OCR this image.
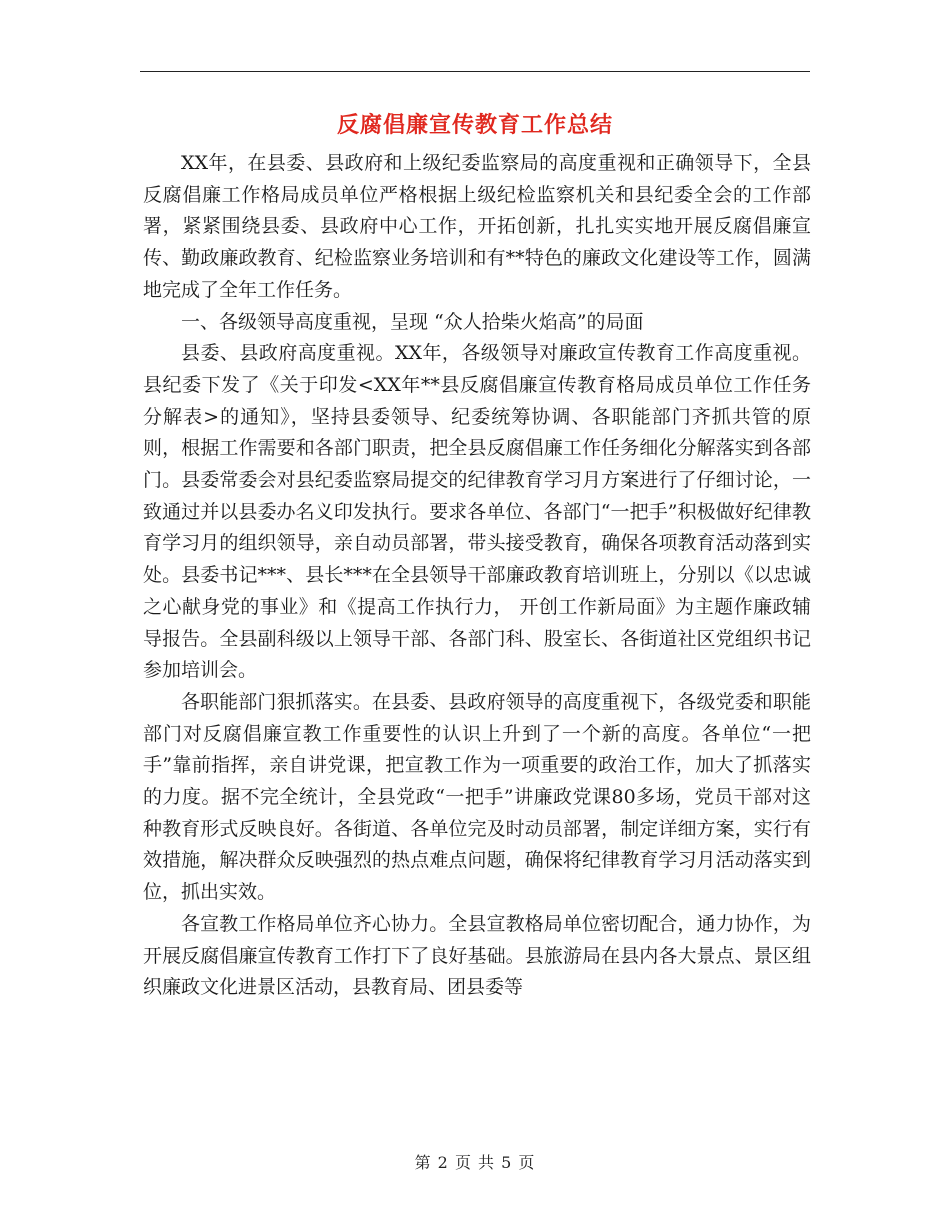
反腐倡廉宣传教育工作总结

XX年，在县委、县政府和上级纪委监察局的高度重视和正确领导下，全县反腐倡廉工作格局成员单位严格根据上级纪检监察机关和县纪委全会的工作部署，紧紧围绕县委、县政府中心工作，开拓创新，扎扎实实地开展反腐倡廉宣传、勤政廉政教育、纪检监察业务培训和有**特色的廉政文化建设等工作，圆满地完成了全年工作任务。

一、各级领导高度重视，呈现 “众人拾柴火焰高”的局面

县委、县政府高度重视。XX年，各级领导对廉政宣传教育工作高度重视。县纪委下发了《关于印发<XX年**县反腐倡廉宣传教育格局成员单位工作任务分解表>的通知》，坚持县委领导、纪委统筹协调、各职能部门齐抓共管的原则，根据工作需要和各部门职责，把全县反腐倡廉工作任务细化分解落实到各部门。县委常委会对县纪委监察局提交的纪律教育学习月方案进行了仔细讨论，一致通过并以县委办名义印发执行。要求各单位、各部门“一把手”积极做好纪律教育学习月的组织领导，亲自动员部署，带头接受教育，确保各项教育活动落到实处。县委书记***、县长***在全县领导干部廉政教育培训班上，分别以《以忠诚之心献身党的事业》和《提高工作执行力， 开创工作新局面》为主题作廉政辅导报告。全县副科级以上领导干部、各部门科、股室长、各街道社区党组织书记参加培训会。

各职能部门狠抓落实。在县委、县政府领导的高度重视下，各级党委和职能部门对反腐倡廉宣教工作重要性的认识上升到了一个新的高度。各单位“一把手”靠前指挥，亲自讲党课，把宣教工作为一项重要的政治工作，加大了抓落实的力度。据不完全统计，全县党政“一把手”讲廉政党课80多场，党员干部对这种教育形式反映良好。各街道、各单位完及时动员部署，制定详细方案，实行有效措施，解决群众反映强烈的热点难点问题，确保将纪律教育学习月活动落实到位，抓出实效。

各宣教工作格局单位齐心协力。全县宣教格局单位密切配合，通力协作，为开展反腐倡廉宣传教育工作打下了良好基础。县旅游局在县内各大景点、景区组织廉政文化进景区活动，县教育局、团县委等

第 2 页 共 5 页
